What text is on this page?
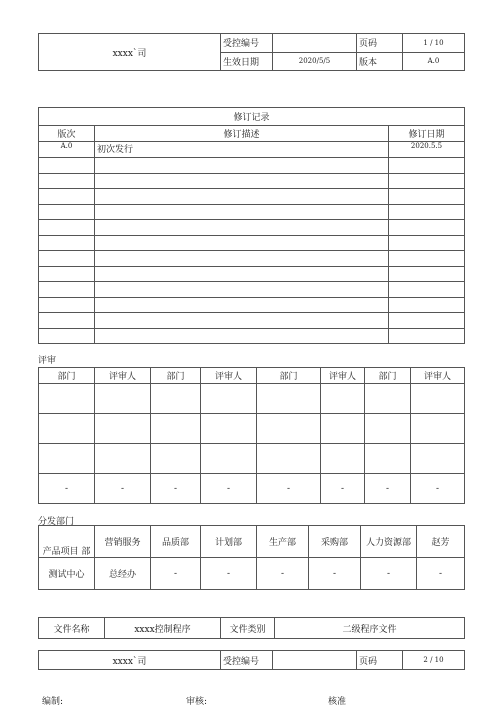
xxxx`司	受控编号		页码	1 / 10
	生效日期	2020/5/5	版本	A.0
修订记录		
版次	修订描述	修订日期
A.0	初次发行	2020.5.5

评审
部门	评审人	部门	评审人	部门	评审人	部门	评审人

-	-	-	-	-	-	-	-
分发部门
产品项目 部	营销服务	品质部	计划部	生产部	采购部	人力资源部	赵芳
测试中心	总经办	-	-	-	-	-	-
文件名称	xxxx控制程序	文件类别	二级程序文件
xxxx`司	受控编号		页码	2 / 10
编制:	审核:	核准
